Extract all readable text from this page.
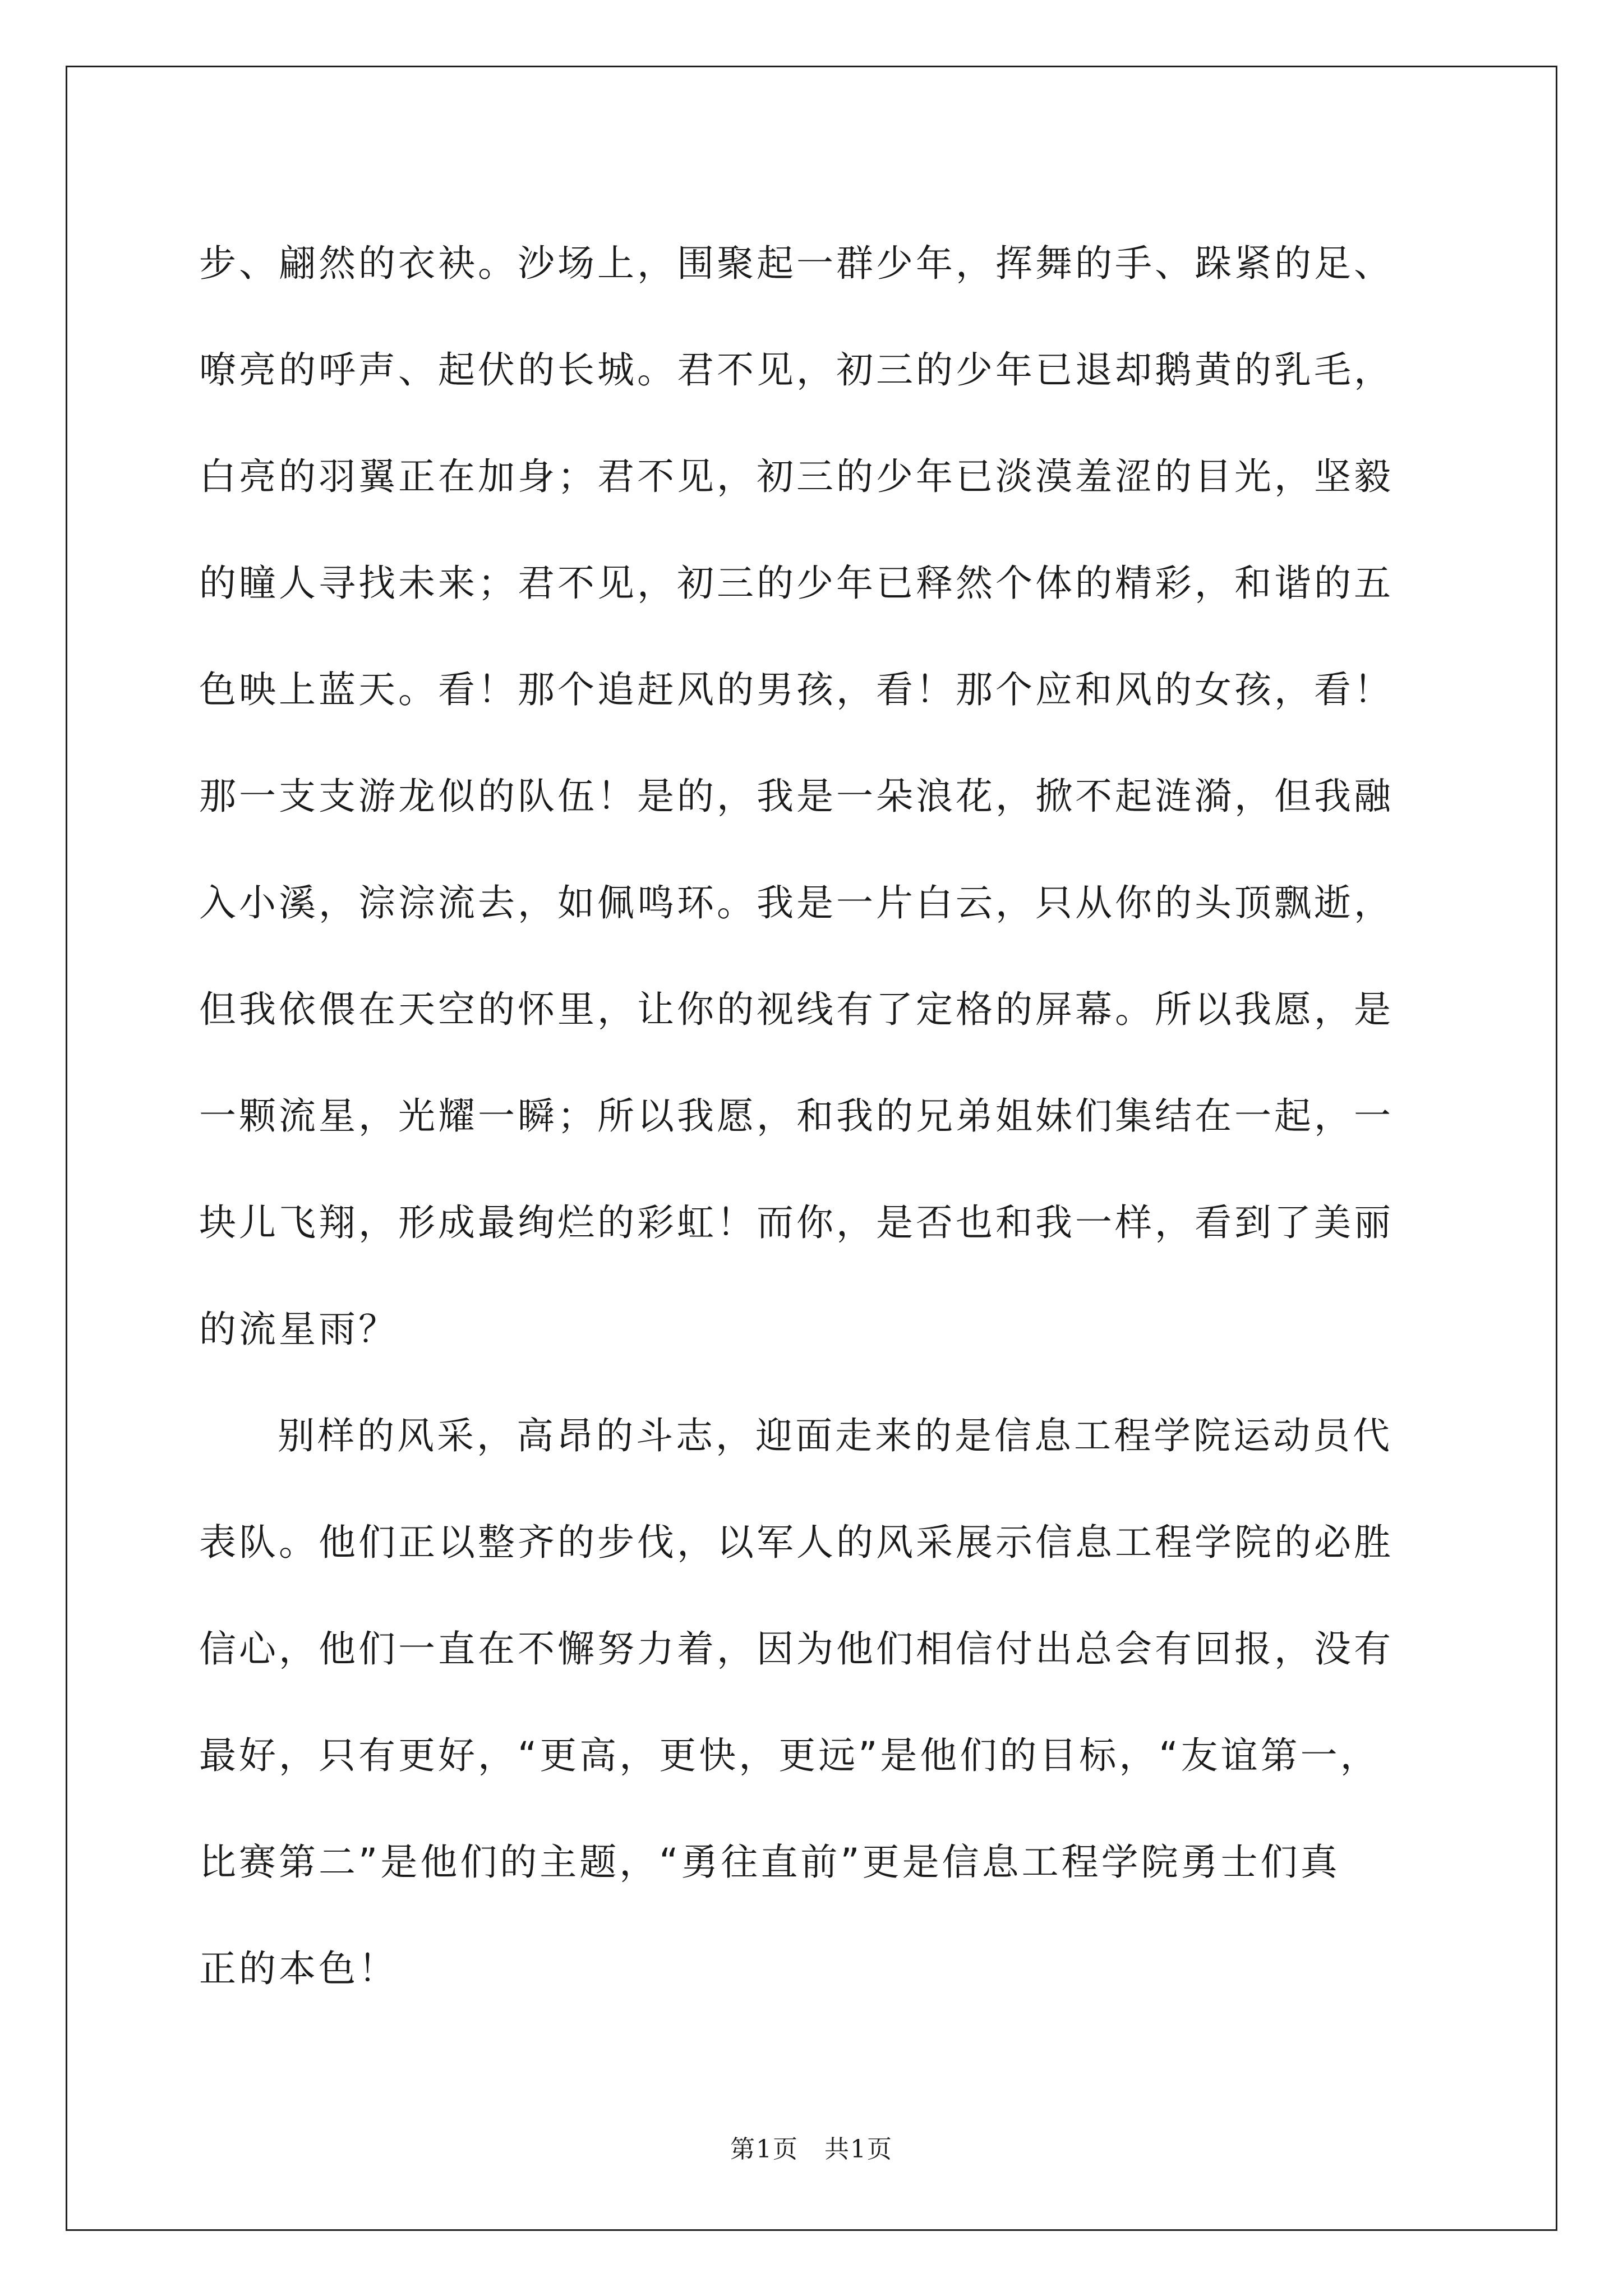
步、翩然的衣袂。沙场上，围聚起一群少年，挥舞的手、跺紧的足、
嘹亮的呼声、起伏的长城。君不见，初三的少年已退却鹅黄的乳毛，
白亮的羽翼正在加身；君不见，初三的少年已淡漠羞涩的目光，坚毅
的瞳人寻找未来；君不见，初三的少年已释然个体的精彩，和谐的五
色映上蓝天。看！那个追赶风的男孩，看！那个应和风的女孩，看！
那一支支游龙似的队伍！是的，我是一朵浪花，掀不起涟漪，但我融
入小溪，淙淙流去，如佩鸣环。我是一片白云，只从你的头顶飘逝，
但我依偎在天空的怀里，让你的视线有了定格的屏幕。所以我愿，是
一颗流星，光耀一瞬；所以我愿，和我的兄弟姐妹们集结在一起，一
块儿飞翔，形成最绚烂的彩虹！而你，是否也和我一样，看到了美丽
的流星雨？
别样的风采，高昂的斗志，迎面走来的是信息工程学院运动员代
表队。他们正以整齐的步伐，以军人的风采展示信息工程学院的必胜
信心，他们一直在不懈努力着，因为他们相信付出总会有回报，没有
最好，只有更好，“更高，更快，更远”是他们的目标，“友谊第一，
比赛第二”是他们的主题，“勇往直前”更是信息工程学院勇士们真
正的本色！
第1页　共1页
